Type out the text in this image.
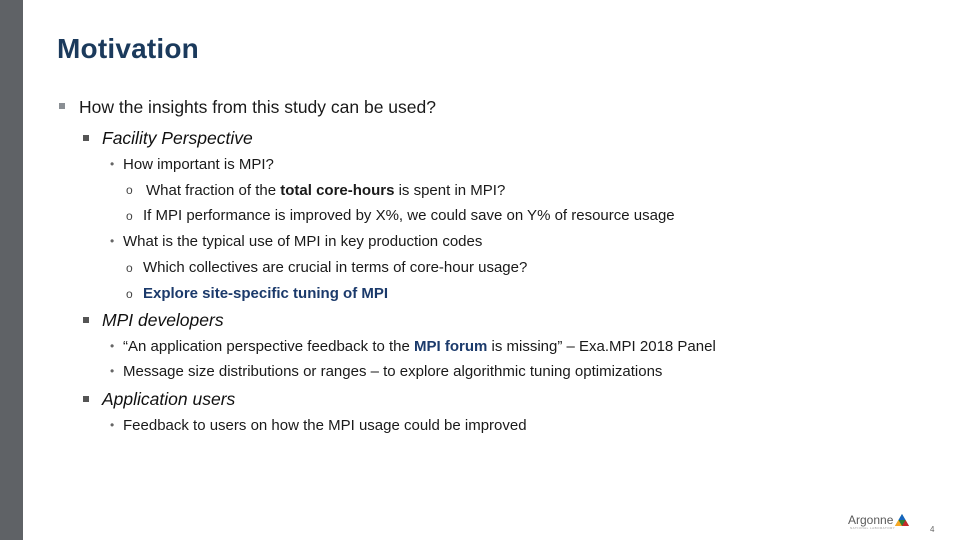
Motivation
How the insights from this study can be used?
Facility Perspective
• How important is MPI?
o What fraction of the total core-hours is spent in MPI?
o If MPI performance is improved by X%, we could save on Y% of resource usage
• What is the typical use of MPI in key production codes
o Which collectives are crucial in terms of core-hour usage?
o Explore site-specific tuning of MPI
MPI developers
• “An application perspective feedback to the MPI forum is missing” – Exa.MPI 2018 Panel
• Message size distributions or ranges – to explore algorithmic tuning optimizations
Application users
• Feedback to users on how the MPI usage could be improved
Argonne
NATIONAL LABORATORY	4
